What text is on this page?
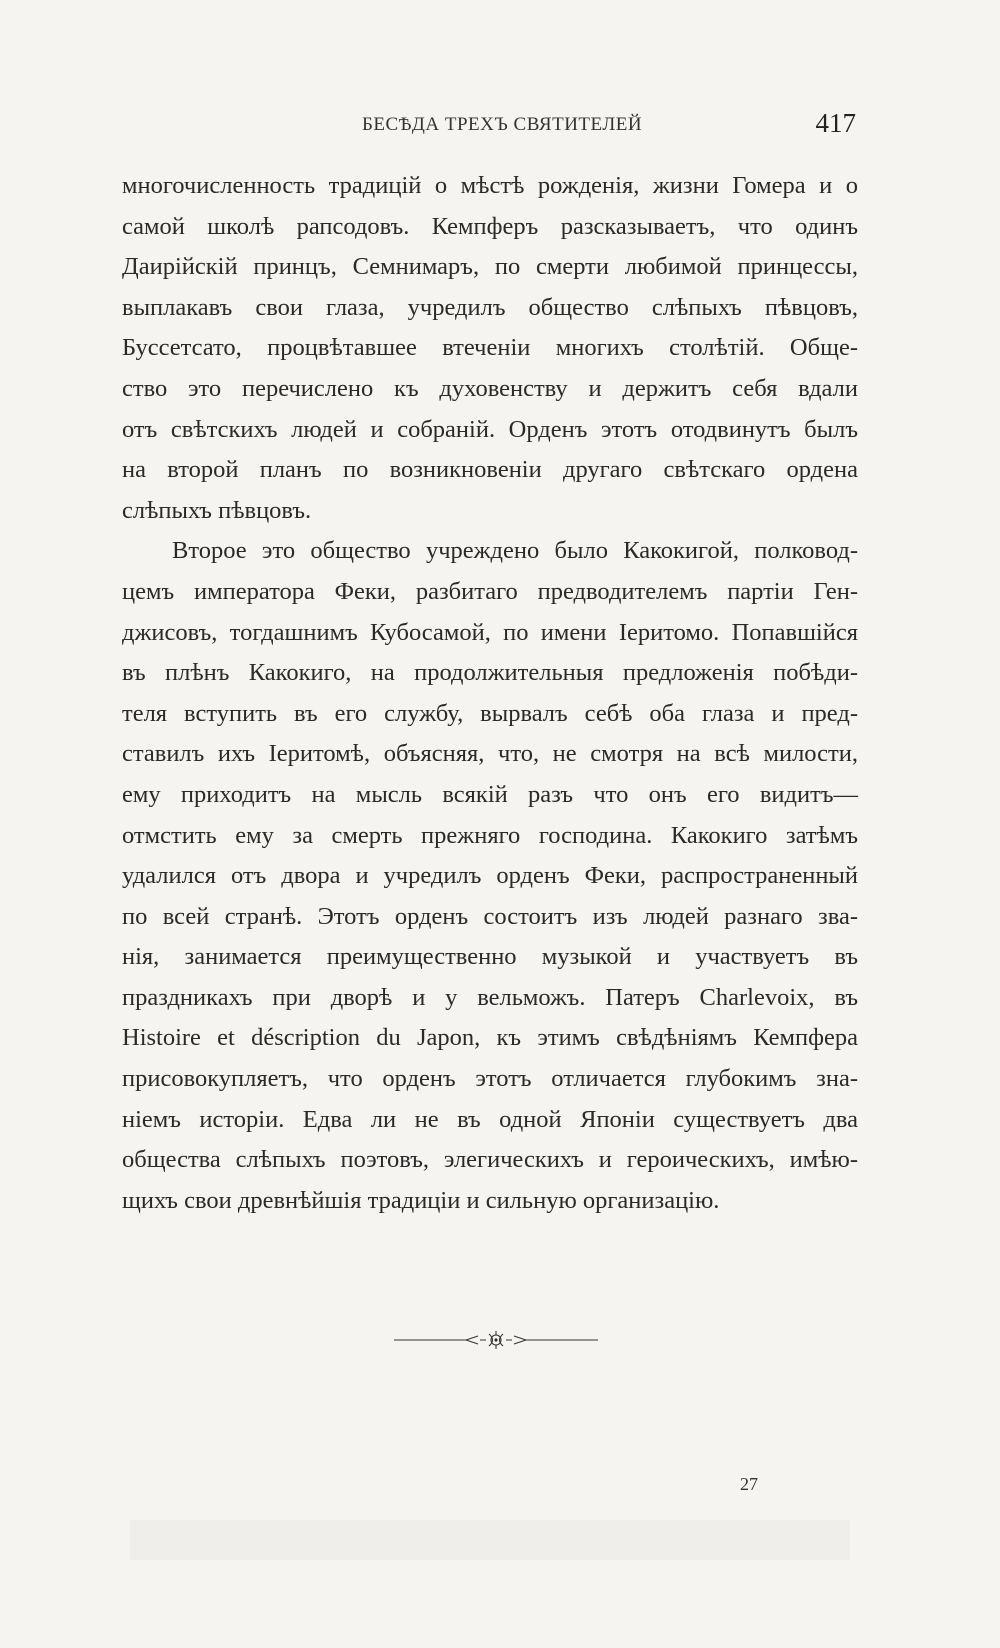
БЕСѢДА ТРЕХЪ СВЯТИТЕЛЕЙ	417
многочисленность традицій о мѣстѣ рожденія, жизни Гомера и о
самой школѣ рапсодовъ. Кемпферъ разсказываетъ, что одинъ
Даирійскій принцъ, Семнимаръ, по смерти любимой принцессы,
выплакавъ свои глаза, учредилъ общество слѣпыхъ пѣвцовъ,
Буссетсато, процвѣтавшее втеченіи многихъ столѣтій. Обще-
ство это перечислено къ духовенству и держитъ себя вдали
отъ свѣтскихъ людей и собраній. Орденъ этотъ отодвинутъ былъ
на второй планъ по возникновеніи другаго свѣтскаго ордена
слѣпыхъ пѣвцовъ.
Второе это общество учреждено было Какокигой, полковод-
цемъ императора Феки, разбитаго предводителемъ партіи Ген-
джисовъ, тогдашнимъ Кубосамой, по имени Іеритомо. Попавшійся
въ плѣнъ Какокиго, на продолжительныя предложенія побѣди-
теля вступить въ его службу, вырвалъ себѣ оба глаза и пред-
ставилъ ихъ Іеритомѣ, объясняя, что, не смотря на всѣ милости,
ему приходитъ на мысль всякій разъ что онъ его видитъ—
отмстить ему за смерть прежняго господина. Какокиго затѣмъ
удалился отъ двора и учредилъ орденъ Феки, распространенный
по всей странѣ. Этотъ орденъ состоитъ изъ людей разнаго зва-
нія, занимается преимущественно музыкой и участвуетъ въ
праздникахъ при дворѣ и у вельможъ. Патеръ Charlevoix, въ
Histoire et déscription du Japon, къ этимъ свѣдѣніямъ Кемпфера
присовокупляетъ, что орденъ этотъ отличается глубокимъ зна-
ніемъ исторіи. Едва ли не въ одной Японіи существуетъ два
общества слѣпыхъ поэтовъ, элегическихъ и героическихъ, имѣю-
щихъ свои древнѣйшія традиціи и сильную организацію.
27
